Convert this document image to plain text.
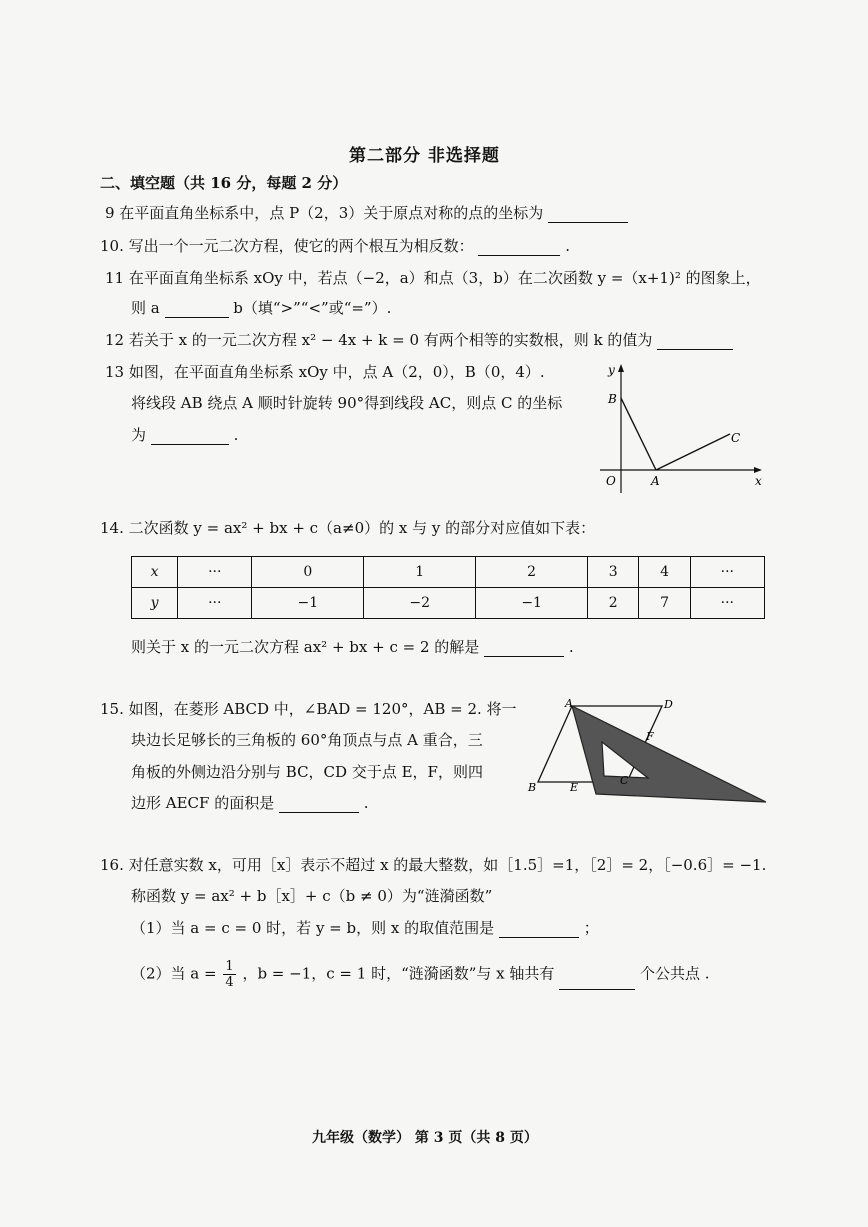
第二部分 非选择题
二、填空题（共 16 分，每题 2 分）
9 在平面直角坐标系中，点 P（2，3）关于原点对称的点的坐标为
10. 写出一个一元二次方程，使它的两个根互为相反数：	.
11 在平面直角坐标系 xOy 中，若点（−2，a）和点（3，b）在二次函数 y =（x+1)² 的图象上，
则 a	b（填“>”“<”或“=”）.
12 若关于 x 的一元二次方程 x² − 4x + k = 0 有两个相等的实数根，则 k 的值为
13 如图，在平面直角坐标系 xOy 中，点 A（2，0），B（0，4）.
将线段 AB 绕点 A 顺时针旋转 90°得到线段 AC，则点 C 的坐标
为	.
y
x
B
C
O	A
14. 二次函数 y = ax² + bx + c（a≠0）的 x 与 y 的部分对应值如下表：
x	···	0	1	2	3	4	···
y	···	−1	−2	−1	2	7	···
则关于 x 的一元二次方程 ax² + bx + c = 2 的解是	.
15. 如图，在菱形 ABCD 中，∠BAD = 120°，AB = 2. 将一
块边长足够长的三角板的 60°角顶点与点 A 重合，三
角板的外侧边沿分别与 BC，CD 交于点 E，F，则四
边形 AECF 的面积是	.
A	D
F
B	E
C
16. 对任意实数 x，可用［x］表示不超过 x 的最大整数，如［1.5］=1，［2］= 2，［−0.6］= −1.
称函数 y = ax² + b［x］+ c（b ≠ 0）为“涟漪函数”
（1）当 a = c = 0 时，若 y = b，则 x 的取值范围是	；
（2）当 $a = \frac{1}{4}$ ，b = −1，c = 1 时，“涟漪函数”与 x 轴共有	个公共点 .
九年级（数学） 第 3 页（共 8 页）
